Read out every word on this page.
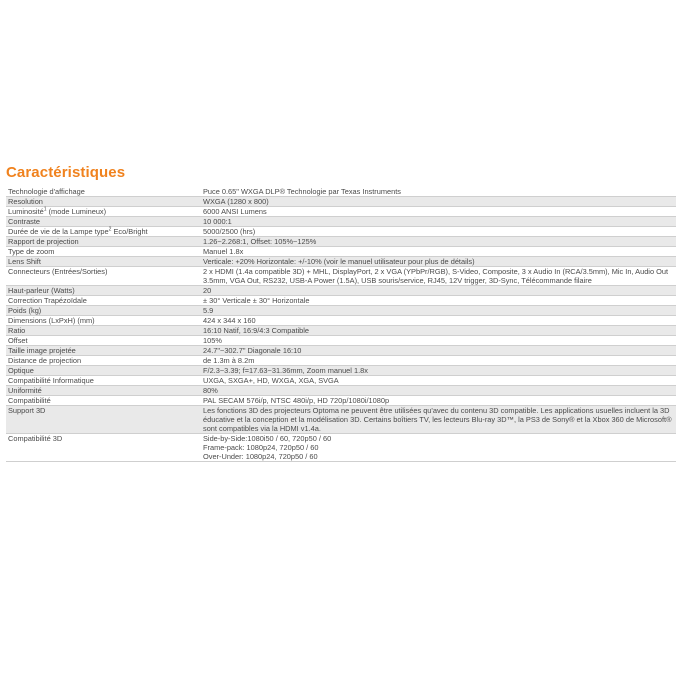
Caractéristiques
Technologie d'affichage	Puce 0.65" WXGA DLP® Technologie par Texas Instruments
Resolution	WXGA (1280 x 800)
Luminosité$^1$ (mode Lumineux)	6000 ANSI Lumens
Contraste	10 000:1
Durée de vie de la Lampe type$^2$ Eco/Bright	5000/2500 (hrs)
Rapport de projection	1.26~2.268:1, Offset: 105%~125%
Type de zoom	Manuel 1.8x
Lens Shift	Verticale: +20% Horizontale: +/-10% (voir le manuel utilisateur pour plus de détails)
Connecteurs (Entrées/Sorties)	2 x HDMI (1.4a compatible 3D) + MHL, DisplayPort, 2 x VGA (YPbPr/RGB), S-Video, Composite, 3 x Audio In (RCA/3.5mm), Mic In, Audio Out 3.5mm, VGA Out, RS232, USB-A Power (1.5A), USB souris/service, RJ45, 12V trigger, 3D-Sync, Télécommande filaire
Haut-parleur (Watts)	20
Correction Trapézoïdale	± 30° Verticale ± 30° Horizontale
Poids (kg)	5.9
Dimensions (LxPxH) (mm)	424 x 344 x 160
Ratio	16:10 Natif, 16:9/4:3 Compatible
Offset	105%
Taille image projetée	24.7"~302.7" Diagonale 16:10
Distance de projection	de 1.3m à 8.2m
Optique	F/2.3~3.39; f=17.63~31.36mm, Zoom manuel 1.8x
Compatibilité Informatique	UXGA, SXGA+, HD, WXGA, XGA, SVGA
Uniformité	80%
Compatibilité	PAL SECAM 576i/p, NTSC 480i/p, HD 720p/1080i/1080p
Support 3D	Les fonctions 3D des projecteurs Optoma ne peuvent être utilisées qu'avec du contenu 3D compatible. Les applications usuelles incluent la 3D éducative et la conception et la modélisation 3D. Certains boîtiers TV, les lecteurs Blu-ray 3D™, la PS3 de Sony® et la Xbox 360 de Microsoft® sont compatibles via la HDMI v1.4a.
Compatibilité 3D	Side-by-Side:1080i50 / 60, 720p50 / 60
Frame-pack: 1080p24, 720p50 / 60
Over-Under: 1080p24, 720p50 / 60
